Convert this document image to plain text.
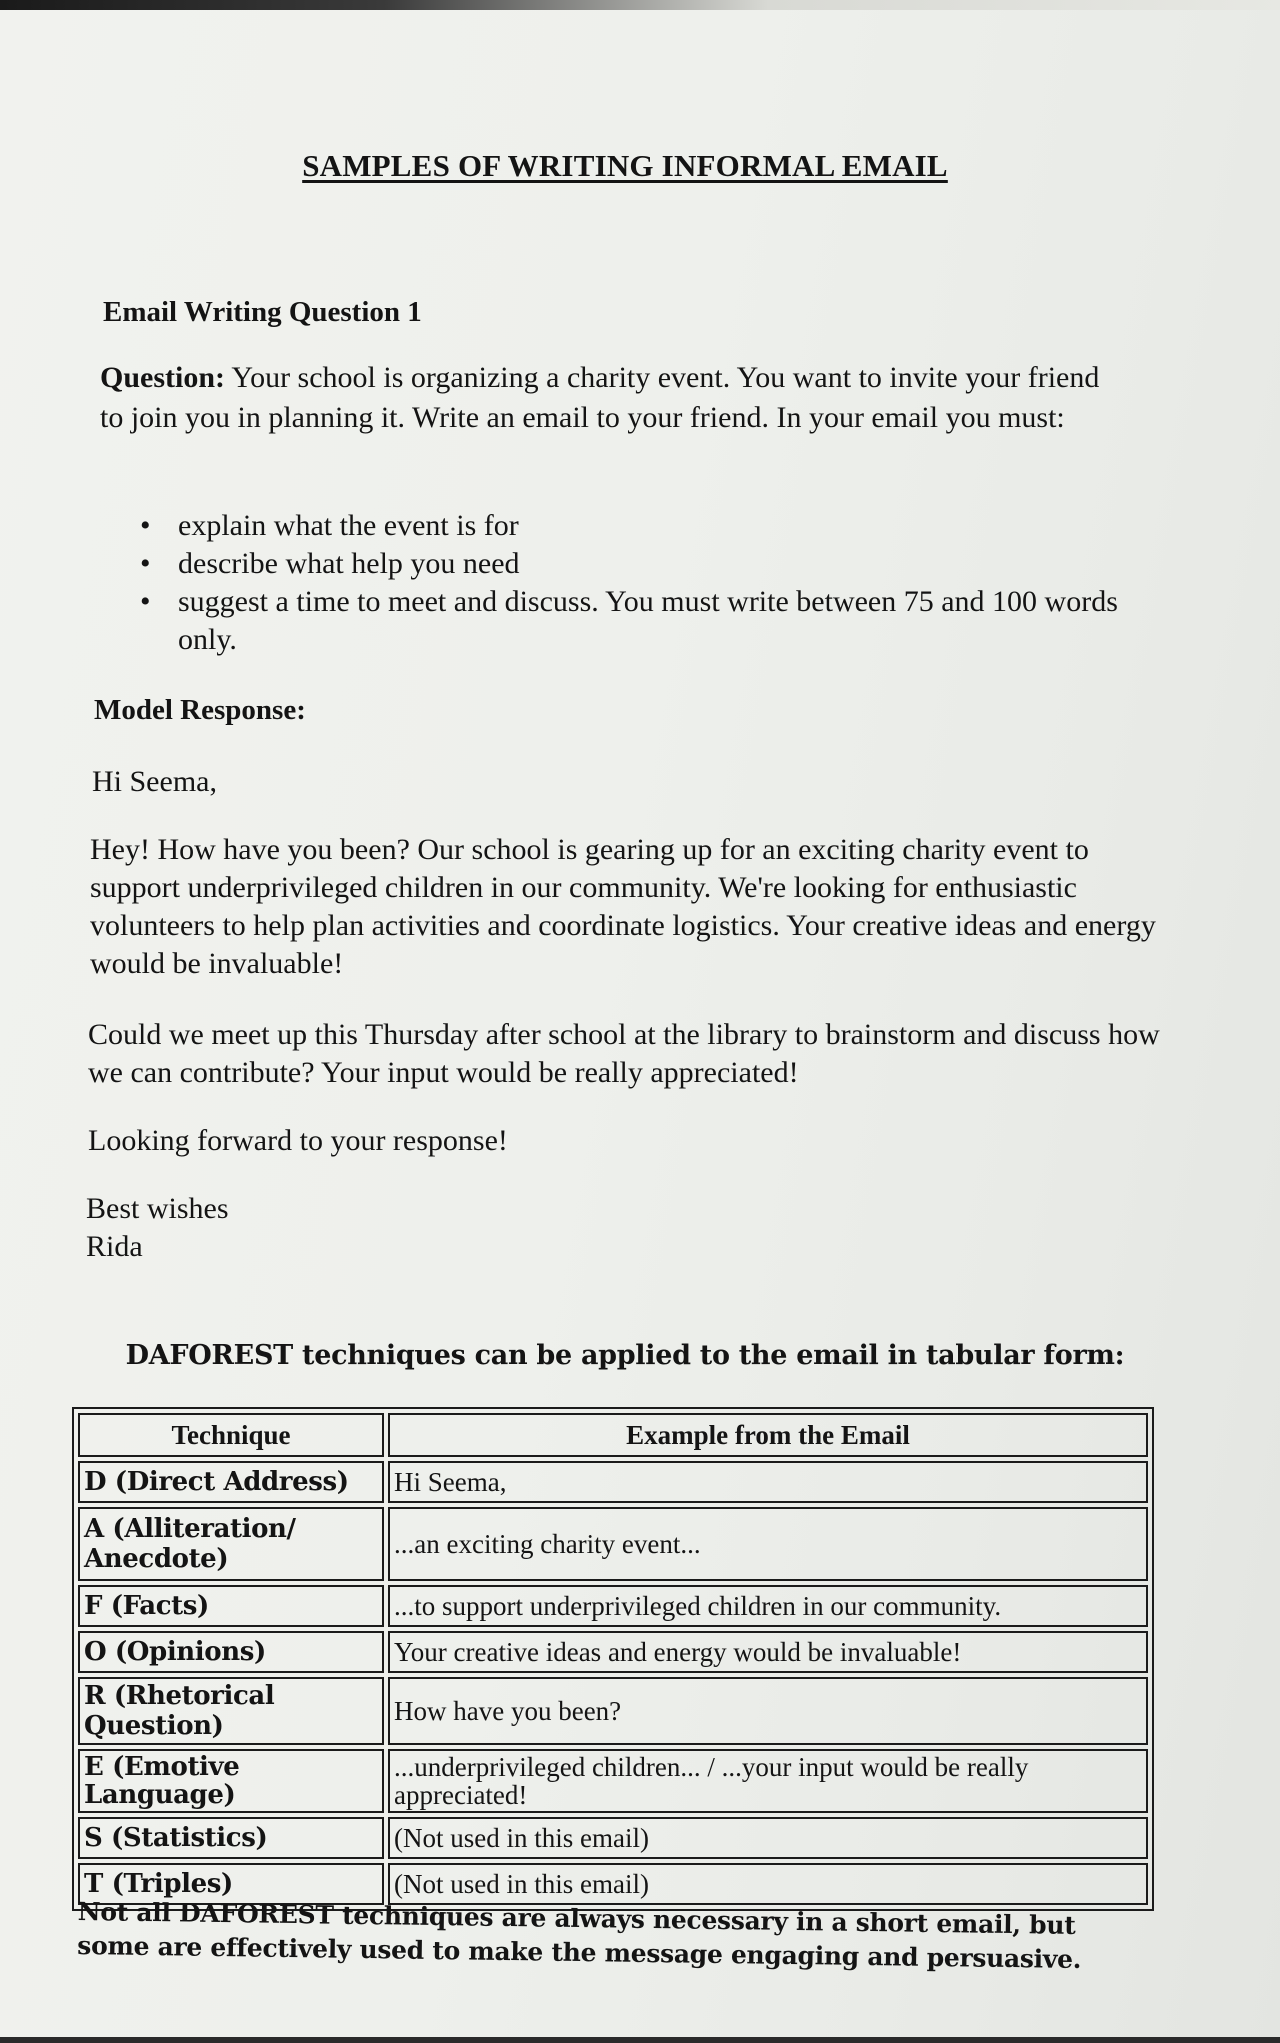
SAMPLES OF WRITING INFORMAL EMAIL
Email Writing Question 1
Question: Your school is organizing a charity event. You want to invite your friend to join you in planning it. Write an email to your friend. In your email you must:
• explain what the event is for
• describe what help you need
• suggest a time to meet and discuss. You must write between 75 and 100 words only.
Model Response:
Hi Seema,
Hey! How have you been? Our school is gearing up for an exciting charity event to support underprivileged children in our community. We're looking for enthusiastic volunteers to help plan activities and coordinate logistics. Your creative ideas and energy would be invaluable!
Could we meet up this Thursday after school at the library to brainstorm and discuss how we can contribute? Your input would be really appreciated!
Looking forward to your response!
Best wishes
Rida
DAFOREST techniques can be applied to the email in tabular form:
Technique	Example from the Email
D (Direct Address)	Hi Seema,
A (Alliteration/ Anecdote)	...an exciting charity event...
F (Facts)	...to support underprivileged children in our community.
O (Opinions)	Your creative ideas and energy would be invaluable!
R (Rhetorical Question)	How have you been?
E (Emotive Language)	...underprivileged children... / ...your input would be really appreciated!
S (Statistics)	(Not used in this email)
T (Triples)	(Not used in this email)
Not all DAFOREST techniques are always necessary in a short email, but some are effectively used to make the message engaging and persuasive.
